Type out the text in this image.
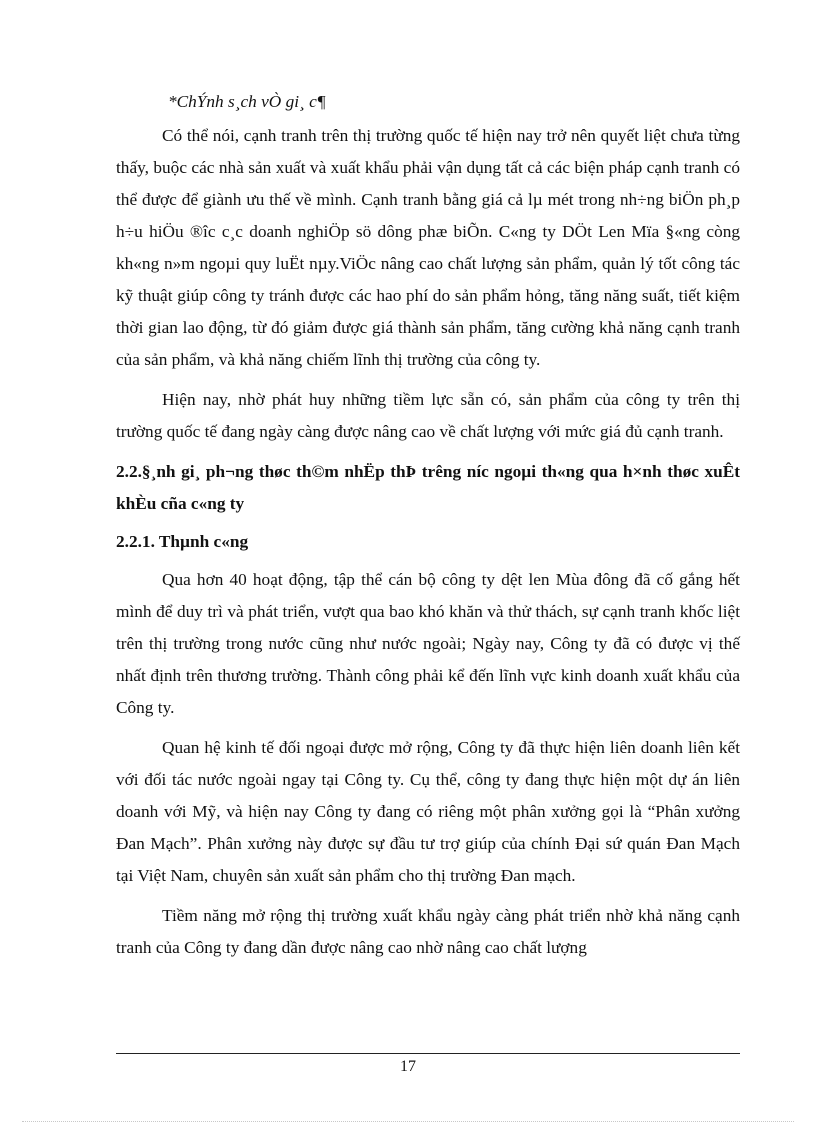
*ChÝnh s¸ch vÒ gi¸ c¶

Có thể nói, cạnh tranh trên thị trường quốc tế hiện nay trở nên quyết liệt chưa từng thấy, buộc các nhà sản xuất và xuất khẩu phải vận dụng tất cả các biện pháp cạnh tranh có thể được để giành ưu thế về mình. Cạnh tranh bằng giá cả lµ mét trong nh÷ng biÖn ph¸p h÷u hiÖu ®îc c¸c doanh nghiÖp sö dông phæ biÕn. C«ng ty DÖt Len Mïa §«ng còng kh«ng n»m ngoµi quy luËt nµy.ViÖc nâng cao chất lượng sản phẩm, quản lý tốt công tác kỹ thuật giúp công ty tránh được các hao phí do sản phẩm hỏng, tăng năng suất, tiết kiệm thời gian lao động, từ đó giảm được giá thành sản phẩm, tăng cường khả năng cạnh tranh của sản phẩm, và khả năng chiếm lĩnh thị trường của công ty.

Hiện nay, nhờ phát huy những tiềm lực sẵn có, sản phẩm của công ty trên thị trường quốc tế đang ngày càng được nâng cao về chất lượng với mức giá đủ cạnh tranh.

2.2.§¸nh gi¸ ph¬ng thøc th©m nhËp thÞ trêng níc ngoµi th«ng qua h×nh thøc xuÊt khÈu cña c«ng ty

2.2.1. Thµnh c«ng

Qua hơn 40 hoạt động, tập thể cán bộ công ty dệt len Mùa đông đã cố gắng hết mình để duy trì và phát triển, vượt qua bao khó khăn và thử thách, sự cạnh tranh khốc liệt trên thị trường trong nước cũng như nước ngoài; Ngày nay, Công ty đã có được vị thế nhất định trên thương trường. Thành công phải kể đến lĩnh vực kinh doanh xuất khẩu của Công ty.

Quan hệ kinh tế đối ngoại được mở rộng, Công ty đã thực hiện liên doanh liên kết với đối tác nước ngoài ngay tại Công ty. Cụ thể, công ty đang thực hiện một dự án liên doanh với Mỹ, và hiện nay Công ty đang có riêng một phân xưởng gọi là “Phân xưởng Đan Mạch”. Phân xưởng này được sự đầu tư trợ giúp của chính Đại sứ quán Đan Mạch tại Việt Nam, chuyên sản xuất sản phẩm cho thị trường Đan mạch.

Tiềm năng mở rộng thị trường xuất khẩu ngày càng phát triển nhờ khả năng cạnh tranh của Công ty đang dần được nâng cao nhờ nâng cao chất lượng

17
